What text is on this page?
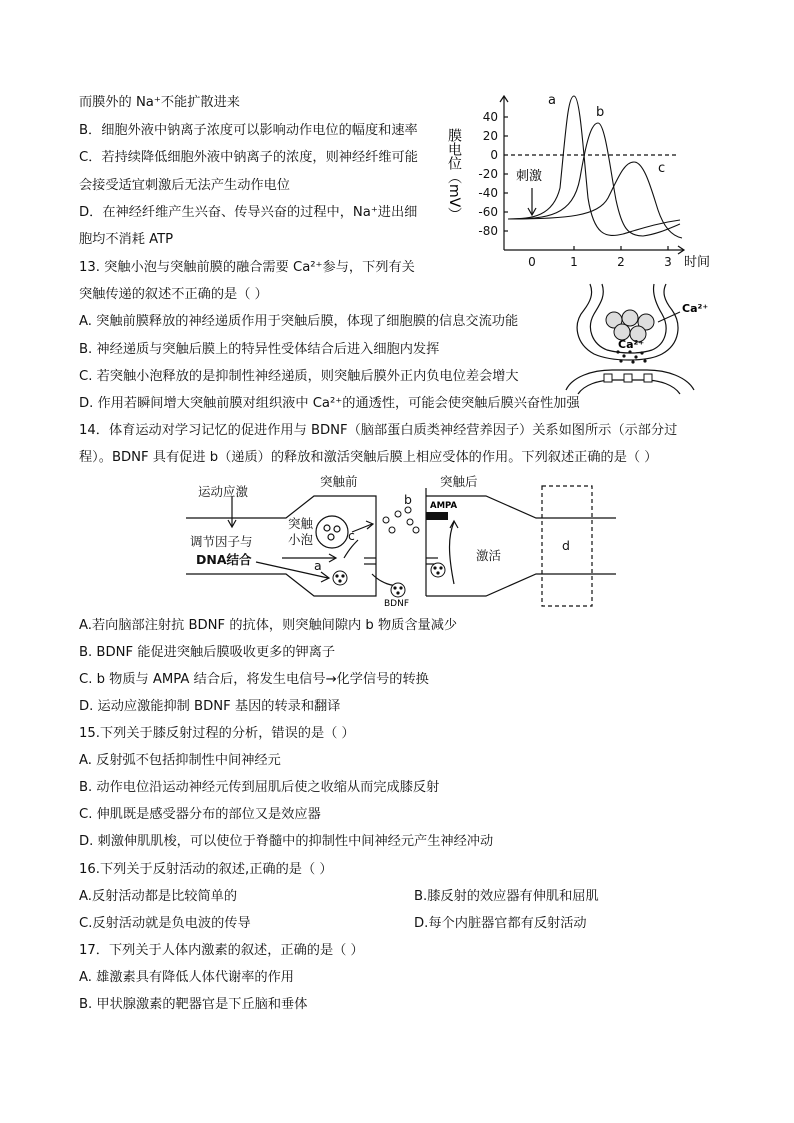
而膜外的 Na⁺不能扩散进来
B．细胞外液中钠离子浓度可以影响动作电位的幅度和速率
C．若持续降低细胞外液中钠离子的浓度，则神经纤维可能
会接受适宜刺激后无法产生动作电位
D．在神经纤维产生兴奋、传导兴奋的过程中，Na⁺进出细
胞均不消耗 ATP
13. 突触小泡与突触前膜的融合需要 Ca²⁺参与，下列有关
突触传递的叙述不正确的是（ ）
A. 突触前膜释放的神经递质作用于突触后膜，体现了细胞膜的信息交流功能
B. 神经递质与突触后膜上的特异性受体结合后进入细胞内发挥
C. 若突触小泡释放的是抑制性神经递质，则突触后膜外正内负电位差会增大
D. 作用若瞬间增大突触前膜对组织液中 Ca²⁺的通透性，可能会使突触后膜兴奋性加强
14．体育运动对学习记忆的促进作用与 BDNF（脑部蛋白质类神经营养因子）关系如图所示（示部分过
程）。BDNF 具有促进 b（递质）的释放和激活突触后膜上相应受体的作用。下列叙述正确的是（ ）
膜电位（mV）
40
20
0
-20
-40
-60
-80
0	1	2	3 时间
a
b
c
刺激
Ca²⁺
Ca²⁺
运动应激
调节因子与
DNA结合
突触前	突触后
突触
小泡
a
b
c
d
激活
AMPA
BDNF
A.若向脑部注射抗 BDNF 的抗体，则突触间隙内 b 物质含量减少
B. BDNF 能促进突触后膜吸收更多的钾离子
C. b 物质与 AMPA 结合后，将发生电信号→化学信号的转换
D. 运动应激能抑制 BDNF 基因的转录和翻译
15.下列关于膝反射过程的分析，错误的是（ ）
A. 反射弧不包括抑制性中间神经元
B. 动作电位沿运动神经元传到屈肌后使之收缩从而完成膝反射
C. 伸肌既是感受器分布的部位又是效应器
D. 刺激伸肌肌梭，可以使位于脊髓中的抑制性中间神经元产生神经冲动
16.下列关于反射活动的叙述,正确的是（ ）
A.反射活动都是比较简单的	B.膝反射的效应器有伸肌和屈肌
C.反射活动就是负电波的传导	D.每个内脏器官都有反射活动
17．下列关于人体内激素的叙述，正确的是（ ）
A. 雄激素具有降低人体代谢率的作用
B. 甲状腺激素的靶器官是下丘脑和垂体
